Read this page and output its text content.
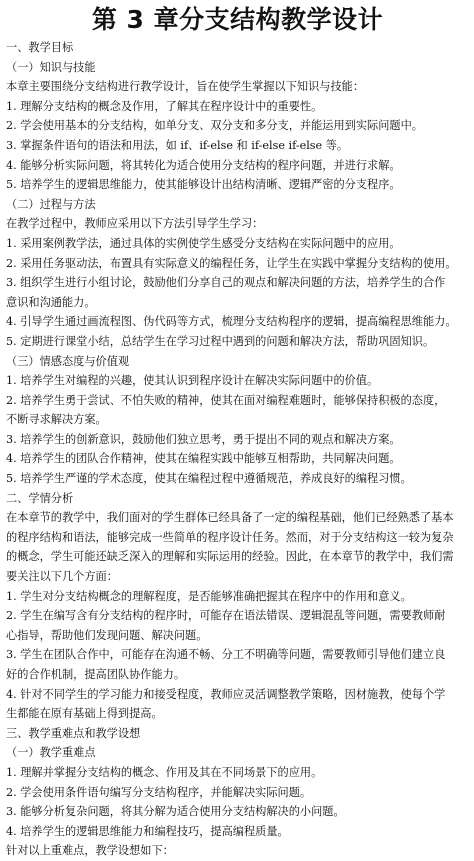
第 3 章分支结构教学设计
一、教学目标
（一）知识与技能
本章主要围绕分支结构进行教学设计，旨在使学生掌握以下知识与技能：
1. 理解分支结构的概念及作用，了解其在程序设计中的重要性。
2. 学会使用基本的分支结构，如单分支、双分支和多分支，并能运用到实际问题中。
3. 掌握条件语句的语法和用法，如 if、if-else 和 if-else if-else 等。
4. 能够分析实际问题，将其转化为适合使用分支结构的程序问题，并进行求解。
5. 培养学生的逻辑思维能力，使其能够设计出结构清晰、逻辑严密的分支程序。
（二）过程与方法
在教学过程中，教师应采用以下方法引导学生学习：
1. 采用案例教学法，通过具体的实例使学生感受分支结构在实际问题中的应用。
2. 采用任务驱动法，布置具有实际意义的编程任务，让学生在实践中掌握分支结构的使用。
3. 组织学生进行小组讨论，鼓励他们分享自己的观点和解决问题的方法，培养学生的合作
意识和沟通能力。
4. 引导学生通过画流程图、伪代码等方式，梳理分支结构程序的逻辑，提高编程思维能力。
5. 定期进行课堂小结，总结学生在学习过程中遇到的问题和解决方法，帮助巩固知识。
（三）情感态度与价值观
1. 培养学生对编程的兴趣，使其认识到程序设计在解决实际问题中的价值。
2. 培养学生勇于尝试、不怕失败的精神，使其在面对编程难题时，能够保持积极的态度，
不断寻求解决方案。
3. 培养学生的创新意识，鼓励他们独立思考，勇于提出不同的观点和解决方案。
4. 培养学生的团队合作精神，使其在编程实践中能够互相帮助，共同解决问题。
5. 培养学生严谨的学术态度，使其在编程过程中遵循规范，养成良好的编程习惯。
二、学情分析
在本章节的教学中，我们面对的学生群体已经具备了一定的编程基础，他们已经熟悉了基本
的程序结构和语法，能够完成一些简单的程序设计任务。然而，对于分支结构这一较为复杂
的概念，学生可能还缺乏深入的理解和实际运用的经验。因此，在本章节的教学中，我们需
要关注以下几个方面：
1. 学生对分支结构概念的理解程度，是否能够准确把握其在程序中的作用和意义。
2. 学生在编写含有分支结构的程序时，可能存在语法错误、逻辑混乱等问题，需要教师耐
心指导，帮助他们发现问题、解决问题。
3. 学生在团队合作中，可能存在沟通不畅、分工不明确等问题，需要教师引导他们建立良
好的合作机制，提高团队协作能力。
4. 针对不同学生的学习能力和接受程度，教师应灵活调整教学策略，因材施教，使每个学
生都能在原有基础上得到提高。
三、教学重难点和教学设想
（一）教学重难点
1. 理解并掌握分支结构的概念、作用及其在不同场景下的应用。
2. 学会使用条件语句编写分支结构程序，并能解决实际问题。
3. 能够分析复杂问题，将其分解为适合使用分支结构解决的小问题。
4. 培养学生的逻辑思维能力和编程技巧，提高编程质量。
针对以上重难点，教学设想如下：
